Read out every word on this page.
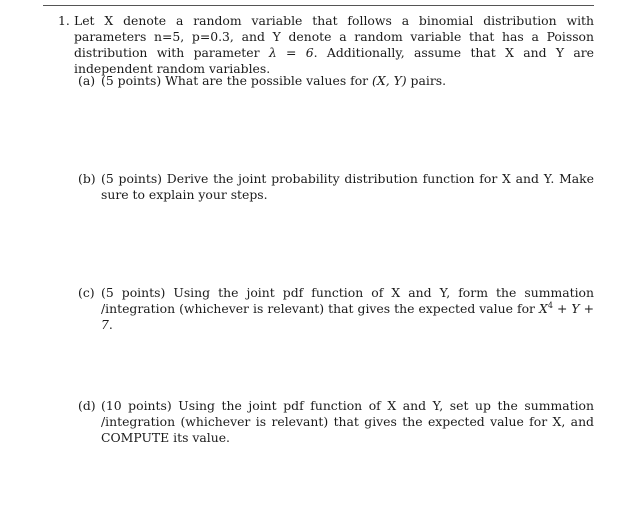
1. Let X denote a random variable that follows a binomial distribution with parameters n=5, p=0.3, and Y denote a random variable that has a Poisson distribution with parameter λ = 6. Additionally, assume that X and Y are independent random variables.
(a) (5 points) What are the possible values for (X, Y) pairs.
(b) (5 points) Derive the joint probability distribution function for X and Y. Make sure to explain your steps.
(c) (5 points) Using the joint pdf function of X and Y, form the summation /integration (whichever is relevant) that gives the expected value for $X^4 + Y + 7$.
(d) (10 points) Using the joint pdf function of X and Y, set up the summation /integration (whichever is relevant) that gives the expected value for X, and COMPUTE its value.
